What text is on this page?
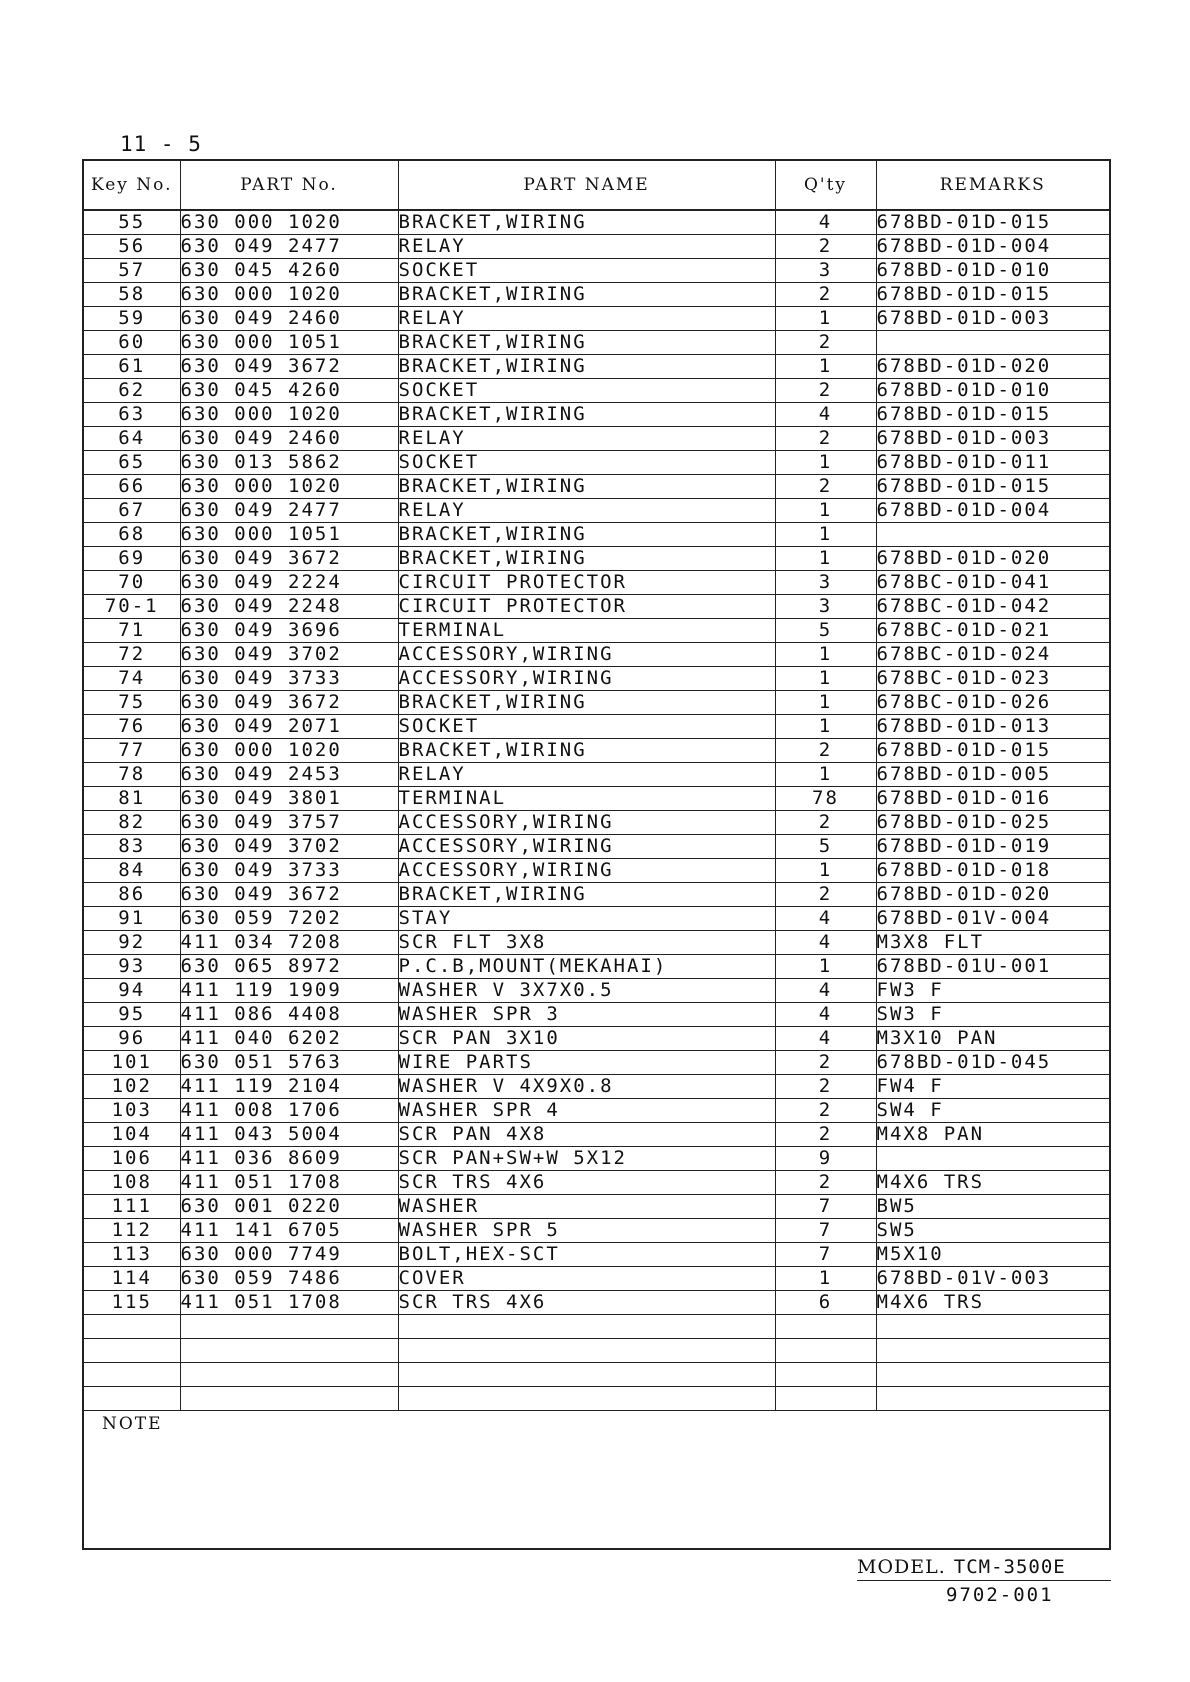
11 - 5
Key No.	PART No.	PART NAME	Q'ty	REMARKS
55	630 000 1020	BRACKET,WIRING	4	678BD-01D-015
56	630 049 2477	RELAY	2	678BD-01D-004
57	630 045 4260	SOCKET	3	678BD-01D-010
58	630 000 1020	BRACKET,WIRING	2	678BD-01D-015
59	630 049 2460	RELAY	1	678BD-01D-003
60	630 000 1051	BRACKET,WIRING	2	
61	630 049 3672	BRACKET,WIRING	1	678BD-01D-020
62	630 045 4260	SOCKET	2	678BD-01D-010
63	630 000 1020	BRACKET,WIRING	4	678BD-01D-015
64	630 049 2460	RELAY	2	678BD-01D-003
65	630 013 5862	SOCKET	1	678BD-01D-011
66	630 000 1020	BRACKET,WIRING	2	678BD-01D-015
67	630 049 2477	RELAY	1	678BD-01D-004
68	630 000 1051	BRACKET,WIRING	1	
69	630 049 3672	BRACKET,WIRING	1	678BD-01D-020
70	630 049 2224	CIRCUIT PROTECTOR	3	678BC-01D-041
70-1	630 049 2248	CIRCUIT PROTECTOR	3	678BC-01D-042
71	630 049 3696	TERMINAL	5	678BC-01D-021
72	630 049 3702	ACCESSORY,WIRING	1	678BC-01D-024
74	630 049 3733	ACCESSORY,WIRING	1	678BC-01D-023
75	630 049 3672	BRACKET,WIRING	1	678BC-01D-026
76	630 049 2071	SOCKET	1	678BD-01D-013
77	630 000 1020	BRACKET,WIRING	2	678BD-01D-015
78	630 049 2453	RELAY	1	678BD-01D-005
81	630 049 3801	TERMINAL	78	678BD-01D-016
82	630 049 3757	ACCESSORY,WIRING	2	678BD-01D-025
83	630 049 3702	ACCESSORY,WIRING	5	678BD-01D-019
84	630 049 3733	ACCESSORY,WIRING	1	678BD-01D-018
86	630 049 3672	BRACKET,WIRING	2	678BD-01D-020
91	630 059 7202	STAY	4	678BD-01V-004
92	411 034 7208	SCR FLT 3X8	4	M3X8 FLT
93	630 065 8972	P.C.B,MOUNT(MEKAHAI)	1	678BD-01U-001
94	411 119 1909	WASHER V 3X7X0.5	4	FW3 F
95	411 086 4408	WASHER SPR 3	4	SW3 F
96	411 040 6202	SCR PAN 3X10	4	M3X10 PAN
101	630 051 5763	WIRE PARTS	2	678BD-01D-045
102	411 119 2104	WASHER V 4X9X0.8	2	FW4 F
103	411 008 1706	WASHER SPR 4	2	SW4 F
104	411 043 5004	SCR PAN 4X8	2	M4X8 PAN
106	411 036 8609	SCR PAN+SW+W 5X12	9	
108	411 051 1708	SCR TRS 4X6	2	M4X6 TRS
111	630 001 0220	WASHER	7	BW5
112	411 141 6705	WASHER SPR 5	7	SW5
113	630 000 7749	BOLT,HEX-SCT	7	M5X10
114	630 059 7486	COVER	1	678BD-01V-003
115	411 051 1708	SCR TRS 4X6	6	M4X6 TRS

NOTE
MODEL. TCM-3500E
9702-001
